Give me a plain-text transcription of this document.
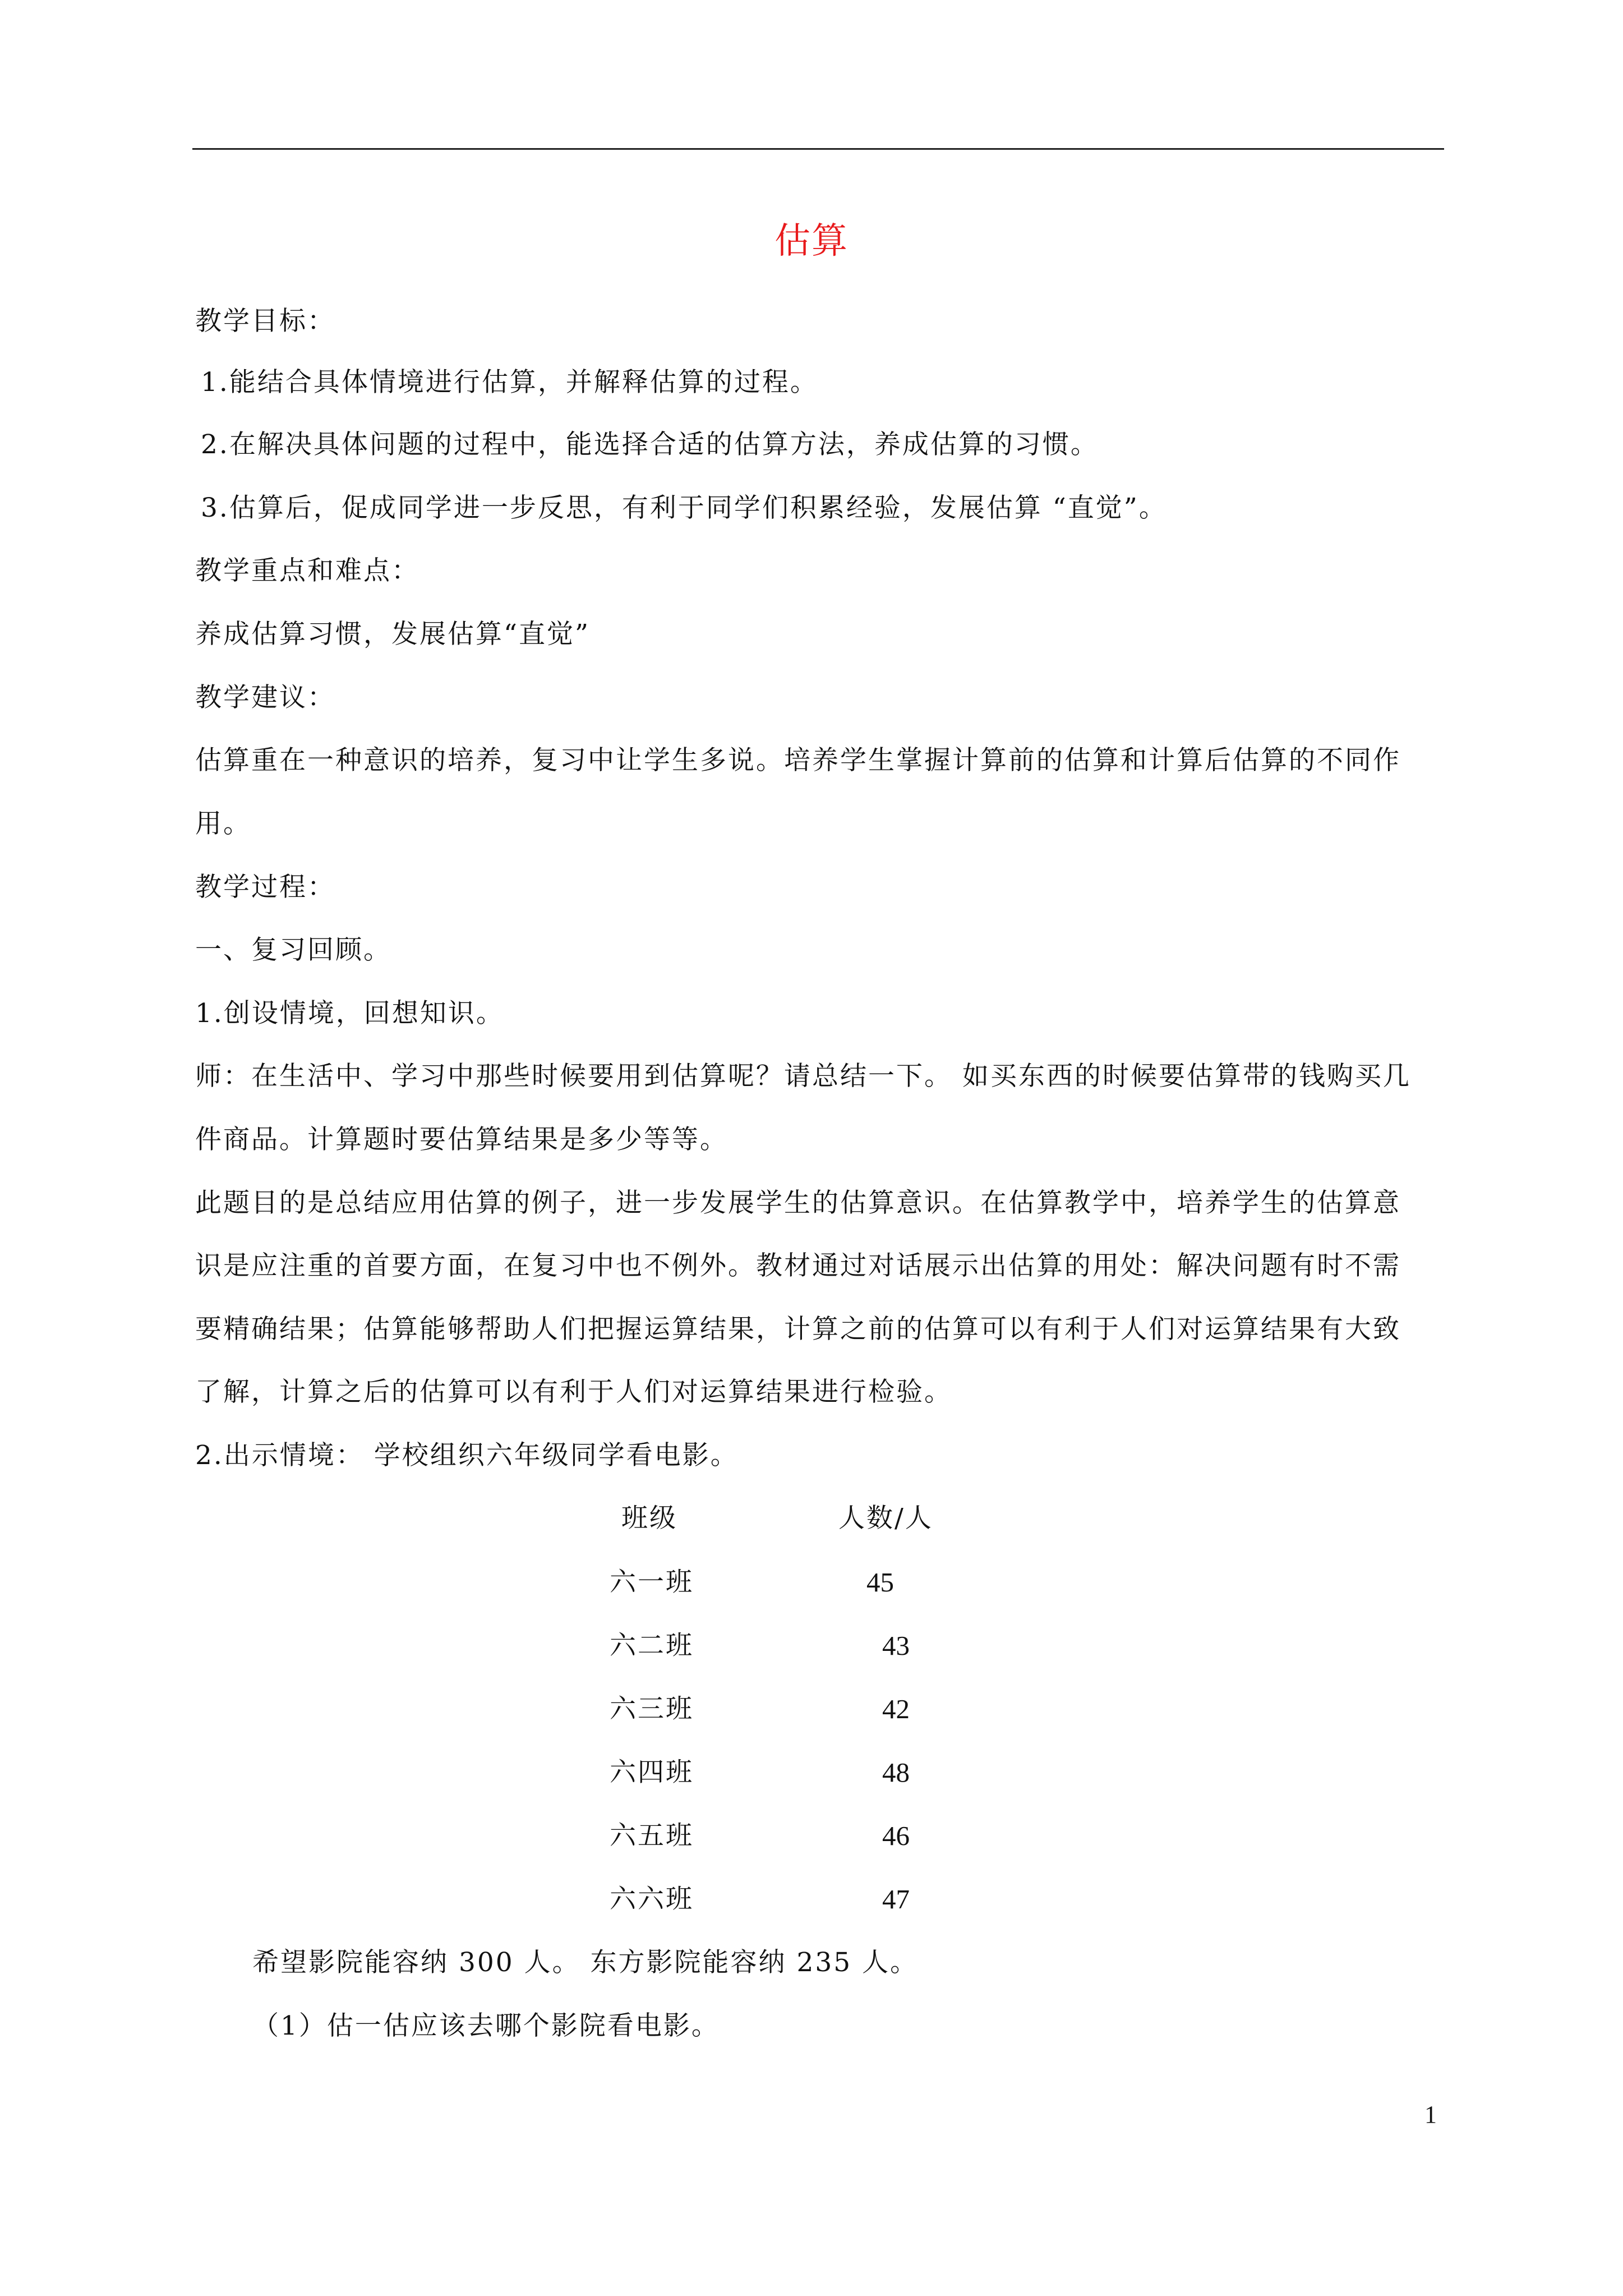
估算
教学目标：
1.能结合具体情境进行估算，并解释估算的过程。
2.在解决具体问题的过程中，能选择合适的估算方法，养成估算的习惯。
3.估算后，促成同学进一步反思，有利于同学们积累经验，发展估算 “直觉”。
教学重点和难点：
养成估算习惯，发展估算“直觉”
教学建议：
估算重在一种意识的培养，复习中让学生多说。培养学生掌握计算前的估算和计算后估算的不同作
用。
教学过程：
一、复习回顾。
1.创设情境，回想知识。
师：在生活中、学习中那些时候要用到估算呢？请总结一下。 如买东西的时候要估算带的钱购买几
件商品。计算题时要估算结果是多少等等。
此题目的是总结应用估算的例子，进一步发展学生的估算意识。在估算教学中，培养学生的估算意
识是应注重的首要方面，在复习中也不例外。教材通过对话展示出估算的用处：解决问题有时不需
要精确结果；估算能够帮助人们把握运算结果，计算之前的估算可以有利于人们对运算结果有大致
了解，计算之后的估算可以有利于人们对运算结果进行检验。
2.出示情境： 学校组织六年级同学看电影。
班级	人数/人
六一班	45
六二班	43
六三班	42
六四班	48
六五班	46
六六班	47
希望影院能容纳 300 人。 东方影院能容纳 235 人。
（1）估一估应该去哪个影院看电影。
1
